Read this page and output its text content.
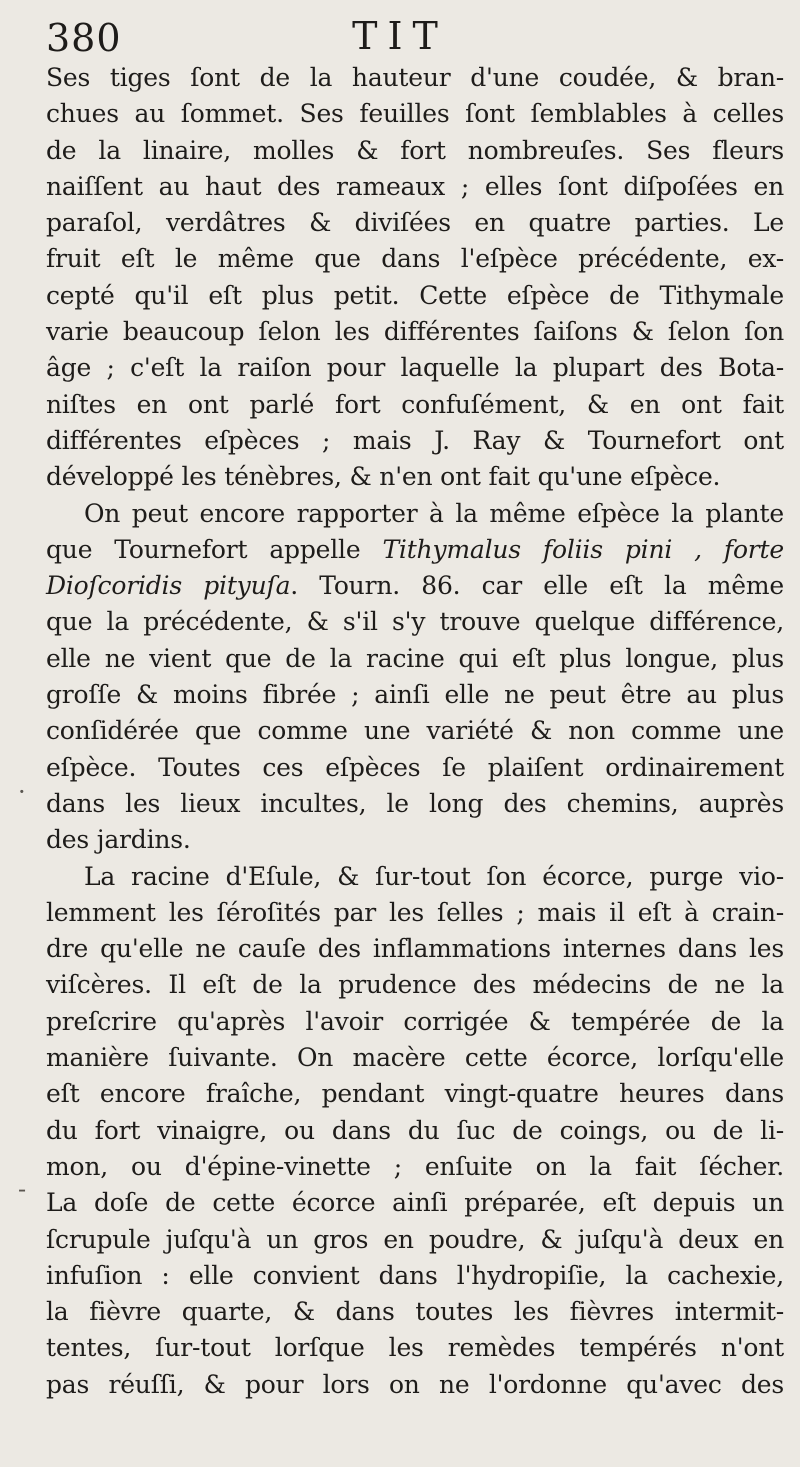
380	TIT
Ses tiges ſont de la hauteur d'une coudée, & bran-
chues au ſommet. Ses feuilles ſont ſemblables à celles
de la linaire, molles & fort nombreuſes. Ses fleurs
naiſſent au haut des rameaux ; elles ſont diſpoſées en
paraſol, verdâtres & diviſées en quatre parties. Le
fruit eſt le même que dans l'eſpèce précédente, ex-
cepté qu'il eſt plus petit. Cette eſpèce de Tithymale
varie beaucoup ſelon les différentes ſaiſons & ſelon ſon
âge ; c'eſt la raiſon pour laquelle la plupart des Bota-
niſtes en ont parlé fort confuſément, & en ont fait
différentes eſpèces ; mais J. Ray & Tournefort ont
développé les ténèbres, & n'en ont fait qu'une eſpèce.
On peut encore rapporter à la même eſpèce la plante
que Tournefort appelle Tithymalus foliis pini , forte
Dioſcoridis pityuſa. Tourn. 86. car elle eſt la même
que la précédente, & s'il s'y trouve quelque différence,
elle ne vient que de la racine qui eſt plus longue, plus
groſſe & moins fibrée ; ainſi elle ne peut être au plus
conſidérée que comme une variété & non comme une
eſpèce. Toutes ces eſpèces ſe plaiſent ordinairement
dans les lieux incultes, le long des chemins, auprès
des jardins.
La racine d'Eſule, & ſur-tout ſon écorce, purge vio-
lemment les ſéroſités par les ſelles ; mais il eſt à crain-
dre qu'elle ne cauſe des inflammations internes dans les
viſcères. Il eſt de la prudence des médecins de ne la
preſcrire qu'après l'avoir corrigée & tempérée de la
manière ſuivante. On macère cette écorce, lorſqu'elle
eſt encore fraîche, pendant vingt-quatre heures dans
du fort vinaigre, ou dans du ſuc de coings, ou de li-
mon, ou d'épine-vinette ; enſuite on la fait ſécher.
La doſe de cette écorce ainſi préparée, eſt depuis un
ſcrupule juſqu'à un gros en poudre, & juſqu'à deux en
infuſion : elle convient dans l'hydropiſie, la cachexie,
la fièvre quarte, & dans toutes les fièvres intermit-
tentes, ſur-tout lorſque les remèdes tempérés n'ont
pas réuſſi, & pour lors on ne l'ordonne qu'avec des
·
-
